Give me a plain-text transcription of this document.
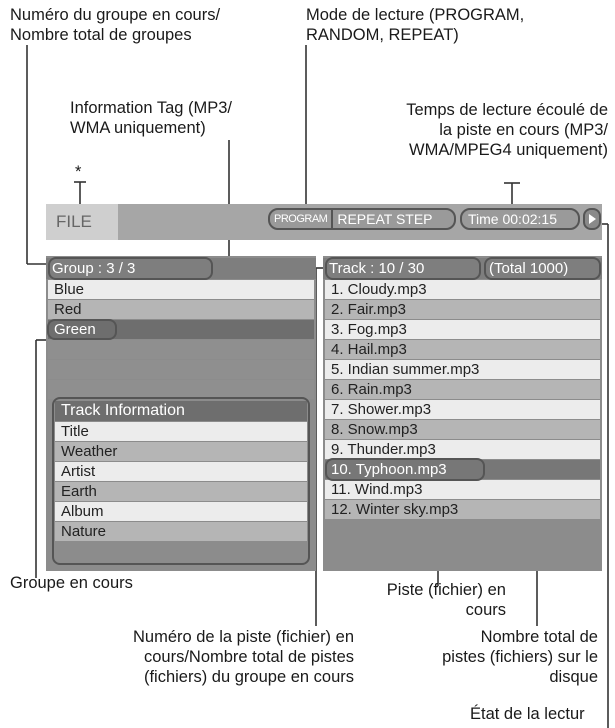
Numéro du groupe en cours/
Nombre total de groupes
Mode de lecture (PROGRAM,
RANDOM, REPEAT)
Information Tag (MP3/
WMA uniquement)
Temps de lecture écoulé de
la piste en cours (MP3/
WMA/MPEG4 uniquement)
*
Groupe en cours	Piste (fichier) en
cours
Numéro de la piste (fichier) en
cours/Nombre total de pistes
(fichiers) du groupe en cours
Nombre total de
pistes (fichiers) sur le
disque
État de la lectur
FILE	PROGRAM REPEAT STEP	Time 00:02:15
Group : 3 / 3
Blue
Red
Green
Track Information
Title
Weather
Artist
Earth
Album
Nature
Track : 10 / 30	(Total 1000)
1. Cloudy.mp3
2. Fair.mp3
3. Fog.mp3
4. Hail.mp3
5. Indian summer.mp3
6. Rain.mp3
7. Shower.mp3
8. Snow.mp3
9. Thunder.mp3
10. Typhoon.mp3
11. Wind.mp3
12. Winter sky.mp3
